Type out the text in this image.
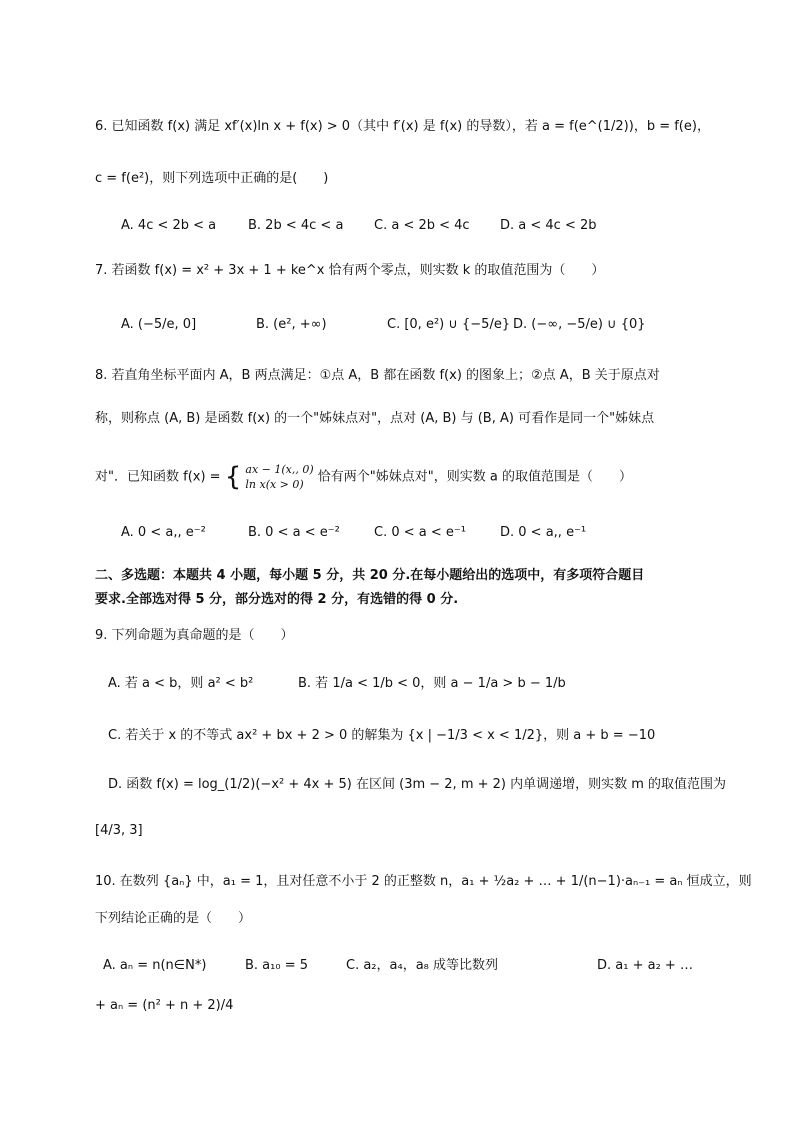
6. 已知函数 f(x) 满足 xf′(x)ln x + f(x) > 0（其中 f′(x) 是 f(x) 的导数），若 a = f(e^(1/2))，b = f(e)，
c = f(e²)，则下列选项中正确的是(　　)
A. 4c < 2b < a B. 2b < 4c < a C. a < 2b < 4c D. a < 4c < 2b
7. 若函数 f(x) = x² + 3x + 1 + ke^x 恰有两个零点，则实数 k 的取值范围为（　　）
A. (−5/e, 0]	B. (e², +∞)	C. [0, e²) ∪ {−5/e} D. (−∞, −5/e) ∪ {0}
8. 若直角坐标平面内 A，B 两点满足：①点 A，B 都在函数 f(x) 的图象上；②点 A，B 关于原点对
称，则称点 (A, B) 是函数 f(x) 的一个"姊妹点对"，点对 (A, B) 与 (B, A) 可看作是同一个"姊妹点
对"．已知函数 f(x) = { ax − 1(x,, 0)
ln x(x > 0)	恰有两个"姊妹点对"，则实数 a 的取值范围是（　　）
A. 0 < a,, e⁻²	B. 0 < a < e⁻²	C. 0 < a < e⁻¹	D. 0 < a,, e⁻¹
二、多选题：本题共 4 小题，每小题 5 分，共 20 分.在每小题给出的选项中，有多项符合题目
要求.全部选对得 5 分，部分选对的得 2 分，有选错的得 0 分.
9. 下列命题为真命题的是（　　）
A. 若 a < b，则 a² < b²	B. 若 1/a < 1/b < 0，则 a − 1/a > b − 1/b
C. 若关于 x 的不等式 ax² + bx + 2 > 0 的解集为 {x | −1/3 < x < 1/2}，则 a + b = −10
D. 函数 f(x) = log_(1/2)(−x² + 4x + 5) 在区间 (3m − 2, m + 2) 内单调递增，则实数 m 的取值范围为
[4/3, 3]
10. 在数列 {aₙ} 中，a₁ = 1，且对任意不小于 2 的正整数 n，a₁ + ½a₂ + … + 1/(n−1)·aₙ₋₁ = aₙ 恒成立，则
下列结论正确的是（　　）
A. aₙ = n(n∈N*)	B. a₁₀ = 5	C. a₂，a₄，a₈ 成等比数列	D. a₁ + a₂ + …
+ aₙ = (n² + n + 2)/4
